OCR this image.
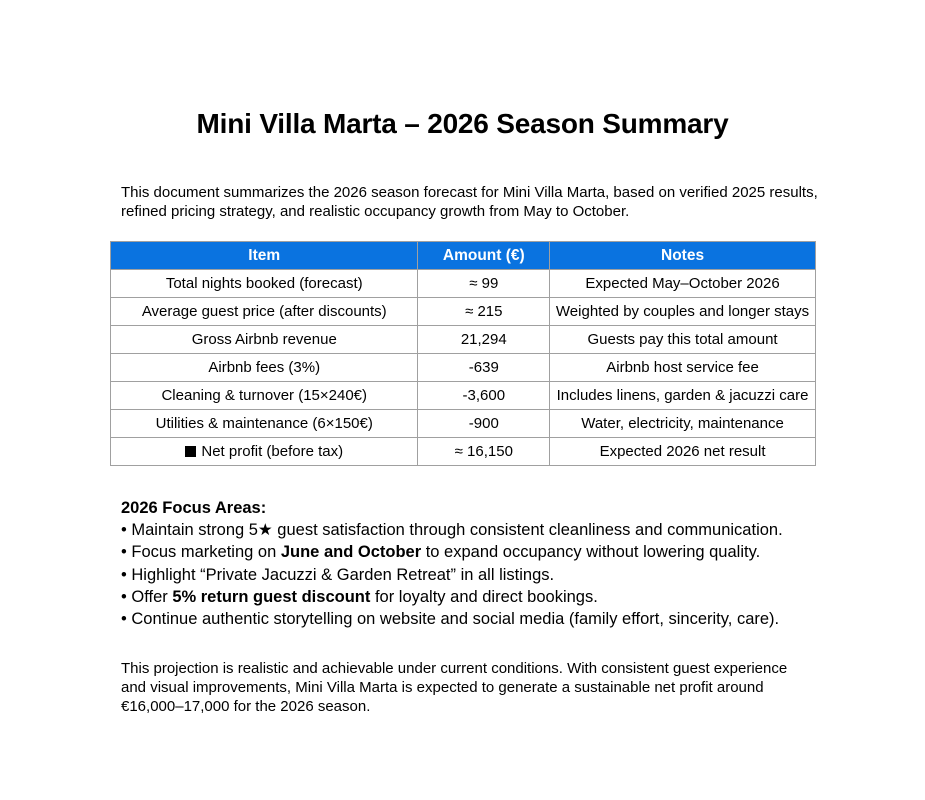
Mini Villa Marta – 2026 Season Summary
This document summarizes the 2026 season forecast for Mini Villa Marta, based on verified 2025 results, refined pricing strategy, and realistic occupancy growth from May to October.
Item	Amount (€)	Notes
Total nights booked (forecast)	≈ 99	Expected May–October 2026
Average guest price (after discounts)	≈ 215	Weighted by couples and longer stays
Gross Airbnb revenue	21,294	Guests pay this total amount
Airbnb fees (3%)	-639	Airbnb host service fee
Cleaning & turnover (15×240€)	-3,600	Includes linens, garden & jacuzzi care
Utilities & maintenance (6×150€)	-900	Water, electricity, maintenance
Net profit (before tax)	≈ 16,150	Expected 2026 net result
2026 Focus Areas:
• Maintain strong 5★ guest satisfaction through consistent cleanliness and communication.
• Focus marketing on June and October to expand occupancy without lowering quality.
• Highlight “Private Jacuzzi & Garden Retreat” in all listings.
• Offer 5% return guest discount for loyalty and direct bookings.
• Continue authentic storytelling on website and social media (family effort, sincerity, care).
This projection is realistic and achievable under current conditions. With consistent guest experience and visual improvements, Mini Villa Marta is expected to generate a sustainable net profit around €16,000–17,000 for the 2026 season.
